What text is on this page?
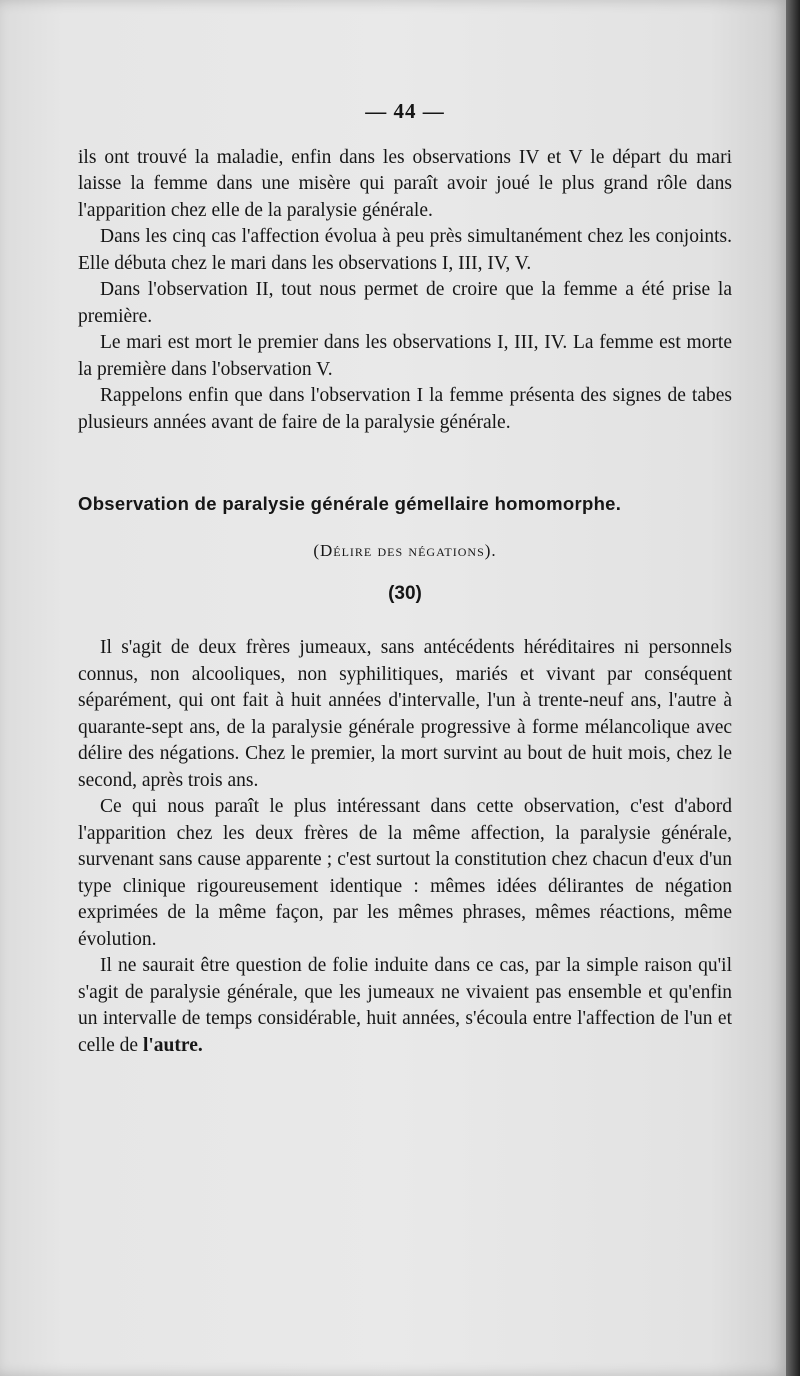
— 44 —

ils ont trouvé la maladie, enfin dans les observations IV et V le départ du mari laisse la femme dans une misère qui paraît avoir joué le plus grand rôle dans l'apparition chez elle de la paralysie générale.

Dans les cinq cas l'affection évolua à peu près simultanément chez les conjoints. Elle débuta chez le mari dans les observations I, III, IV, V.

Dans l'observation II, tout nous permet de croire que la femme a été prise la première.

Le mari est mort le premier dans les observations I, III, IV. La femme est morte la première dans l'observation V.

Rappelons enfin que dans l'observation I la femme présenta des signes de tabes plusieurs années avant de faire de la paralysie générale.

Observation de paralysie générale gémellaire homomorphe.

(Délire des négations).

(30)

Il s'agit de deux frères jumeaux, sans antécédents héréditaires ni personnels connus, non alcooliques, non syphilitiques, mariés et vivant par conséquent séparément, qui ont fait à huit années d'intervalle, l'un à trente-neuf ans, l'autre à quarante-sept ans, de la paralysie générale progressive à forme mélancolique avec délire des négations. Chez le premier, la mort survint au bout de huit mois, chez le second, après trois ans.

Ce qui nous paraît le plus intéressant dans cette observation, c'est d'abord l'apparition chez les deux frères de la même affection, la paralysie générale, survenant sans cause apparente ; c'est surtout la constitution chez chacun d'eux d'un type clinique rigoureusement identique : mêmes idées délirantes de négation exprimées de la même façon, par les mêmes phrases, mêmes réactions, même évolution.

Il ne saurait être question de folie induite dans ce cas, par la simple raison qu'il s'agit de paralysie générale, que les jumeaux ne vivaient pas ensemble et qu'enfin un intervalle de temps considérable, huit années, s'écoula entre l'affection de l'un et celle de l'autre.
